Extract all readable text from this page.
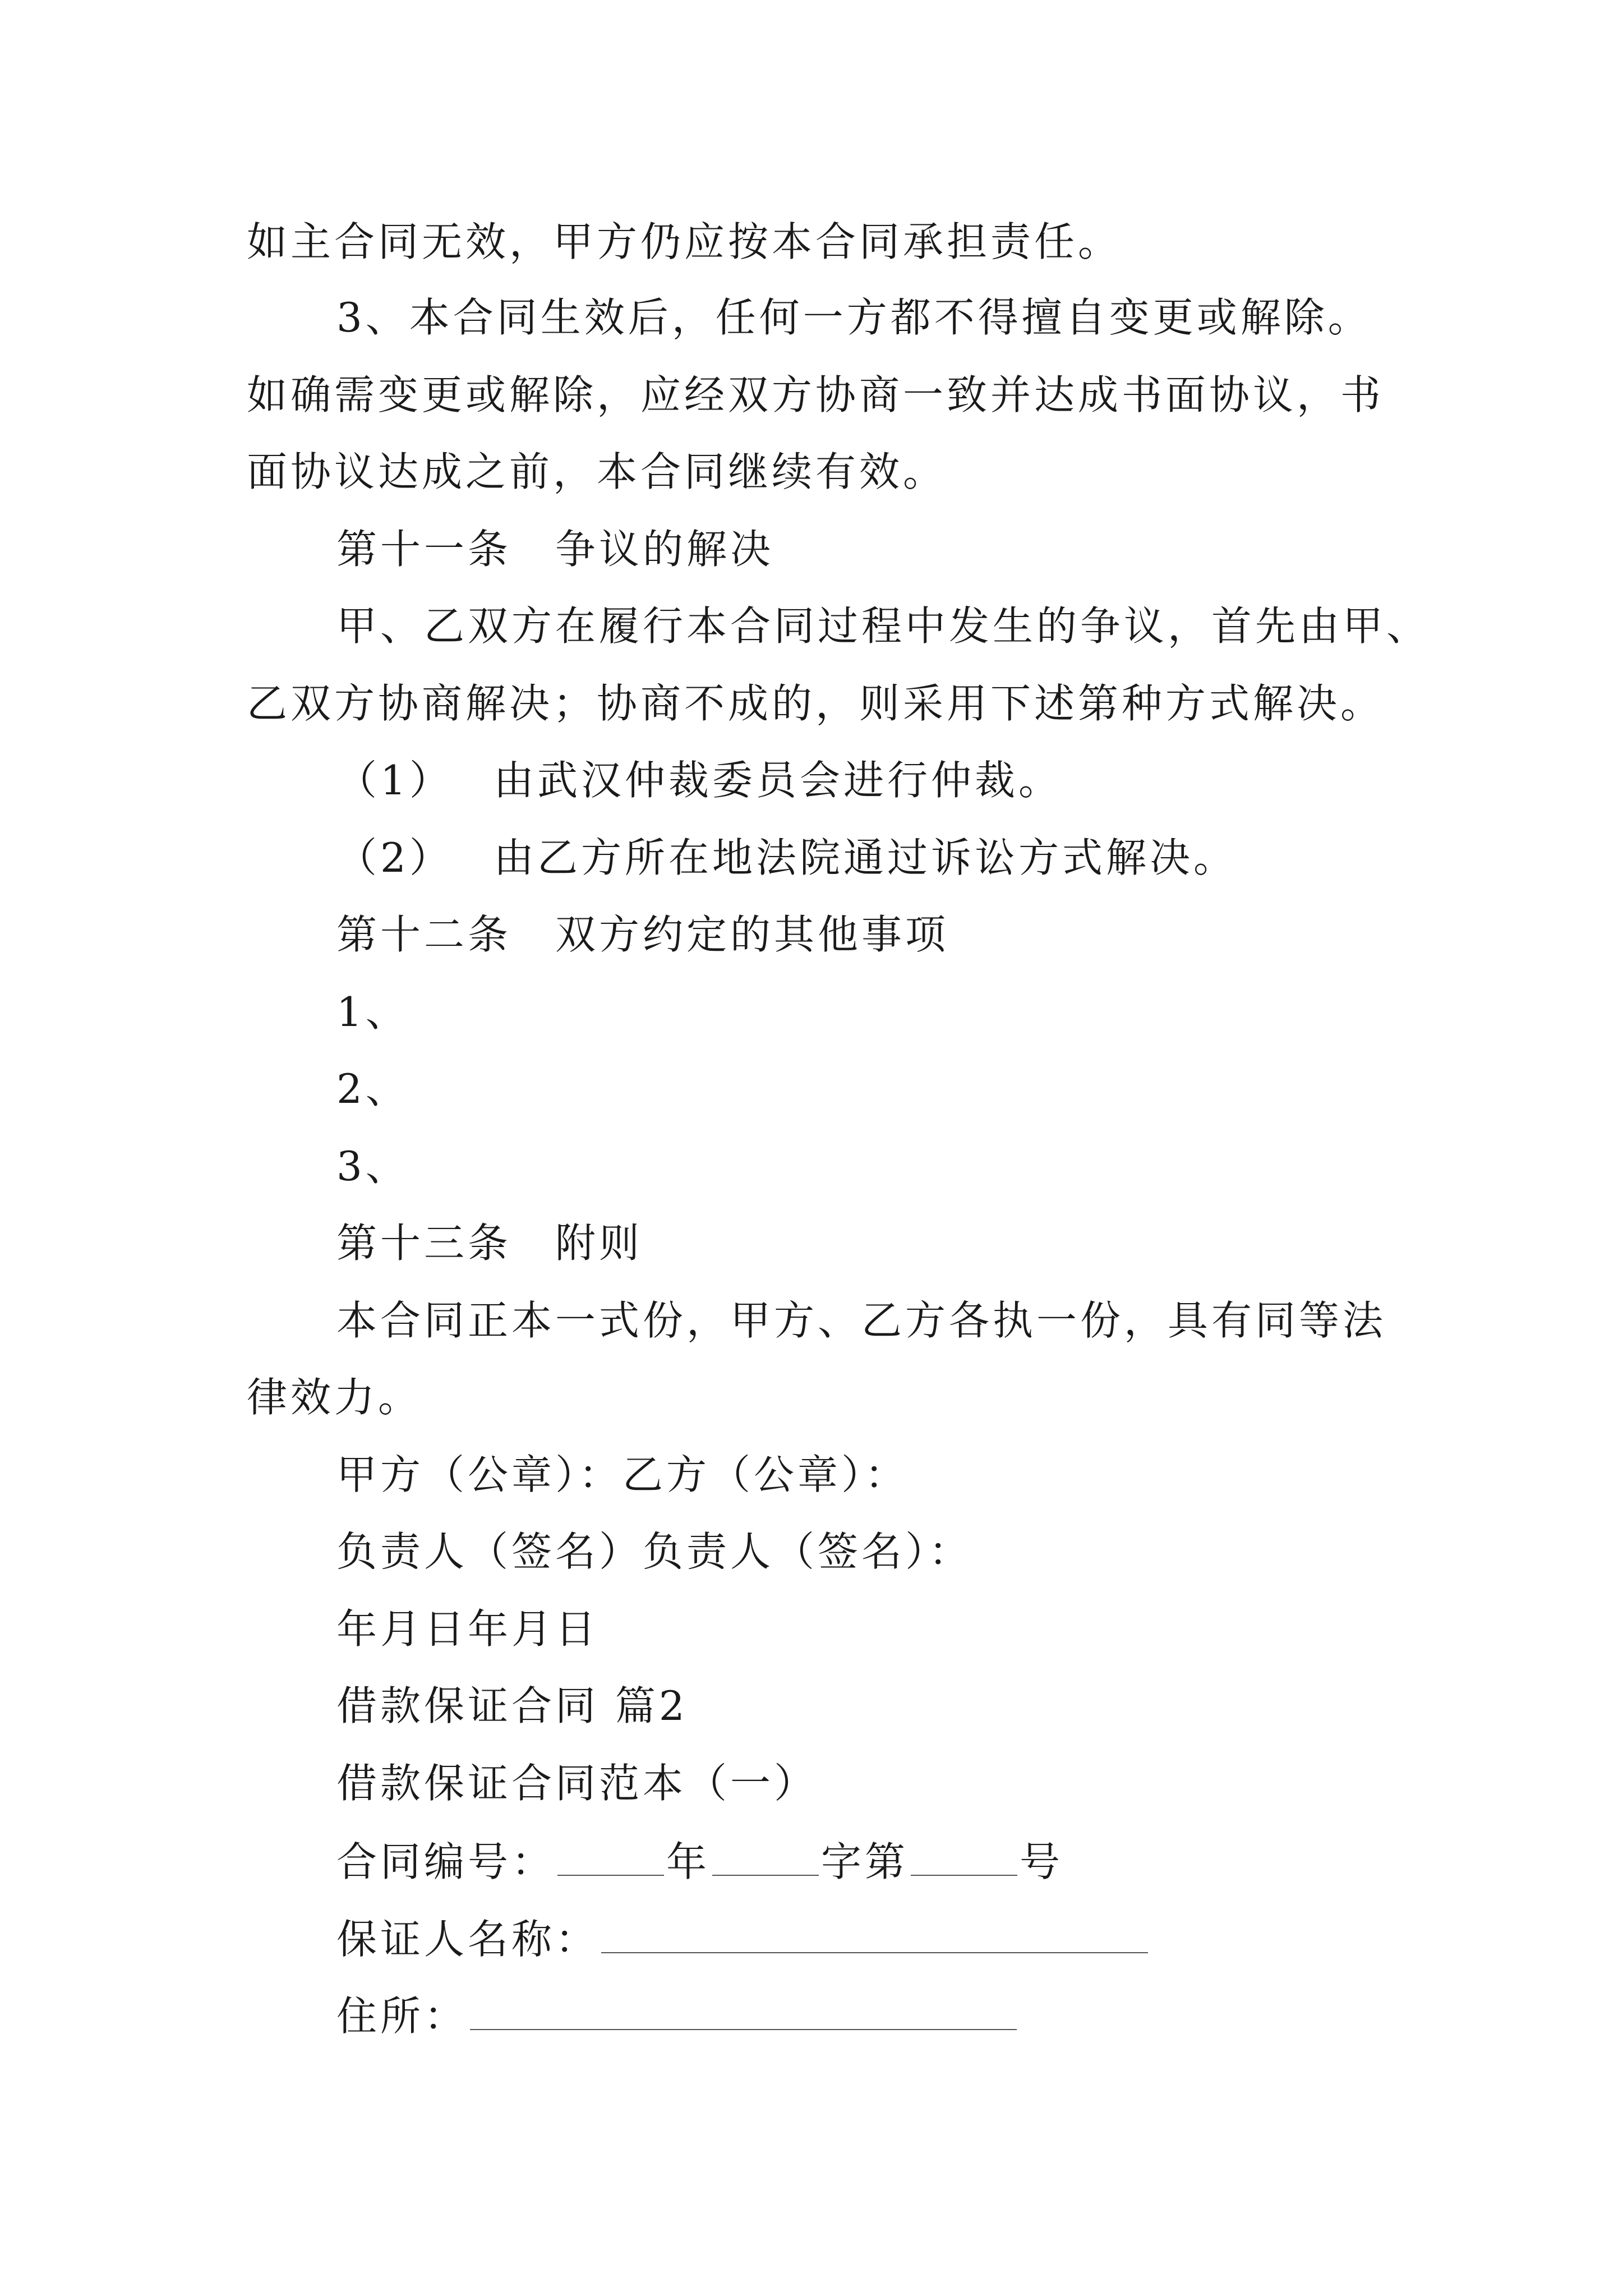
如主合同无效，甲方仍应按本合同承担责任。
3、本合同生效后，任何一方都不得擅自变更或解除。
如确需变更或解除，应经双方协商一致并达成书面协议，书
面协议达成之前，本合同继续有效。
第十一条　争议的解决
甲、乙双方在履行本合同过程中发生的争议，首先由甲、
乙双方协商解决；协商不成的，则采用下述第种方式解决。
（1） 由武汉仲裁委员会进行仲裁。
（2） 由乙方所在地法院通过诉讼方式解决。
第十二条　双方约定的其他事项
1、
2、
3、
第十三条　附则
本合同正本一式份，甲方、乙方各执一份，具有同等法
律效力。
甲方（公章）：乙方（公章）：
负责人（签名）负责人（签名）：
年月日年月日
借款保证合同 篇2
借款保证合同范本（一）
合同编号：	年	字第	号
保证人名称：
住所：
